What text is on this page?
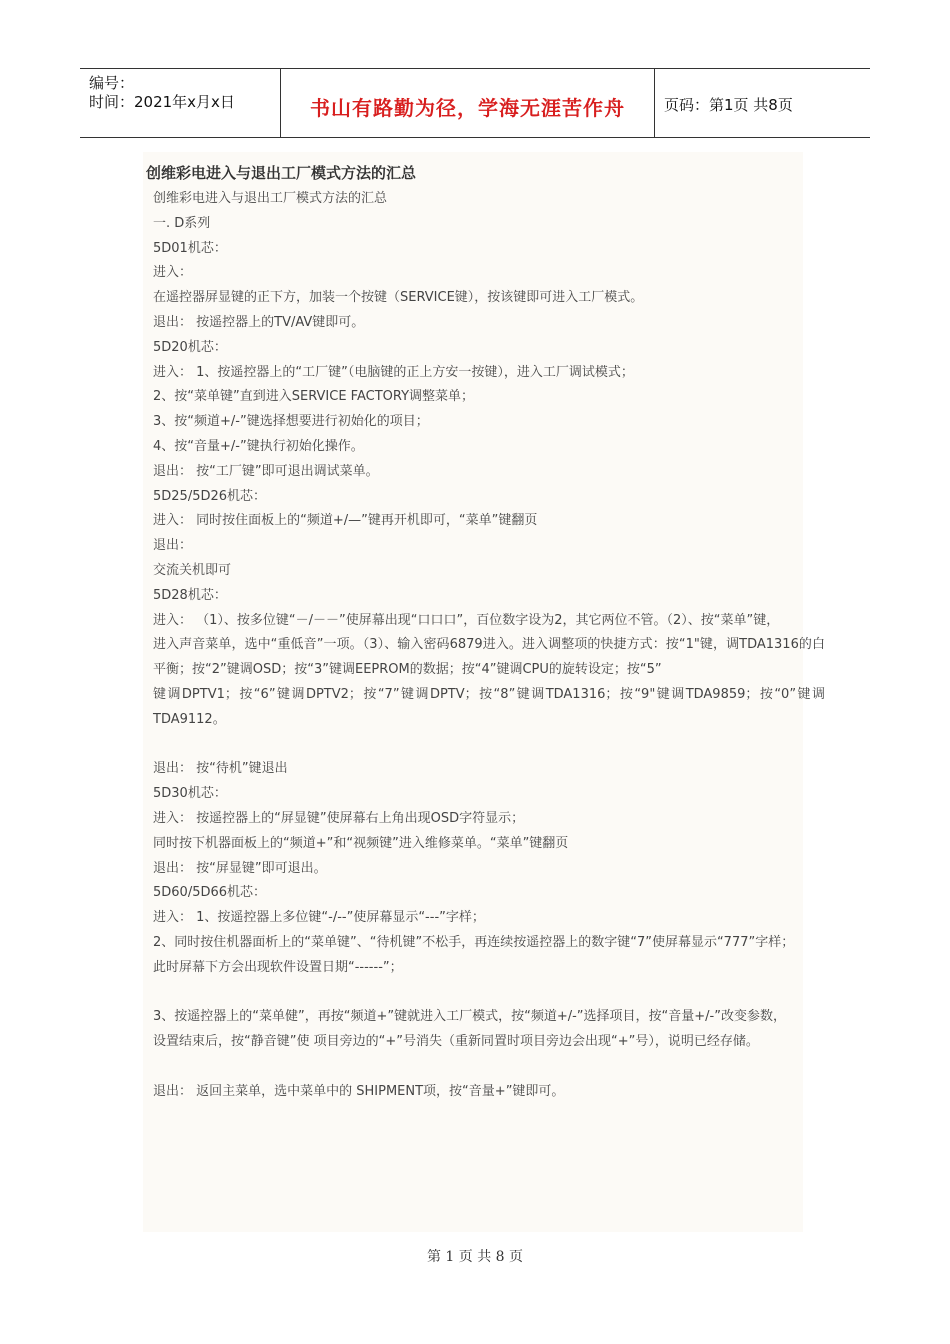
编号：
时间：2021年x月x日	书山有路勤为径，学海无涯苦作舟	页码：第1页 共8页
创维彩电进入与退出工厂模式方法的汇总

创维彩电进入与退出工厂模式方法的汇总

一. D系列

5D01机芯：

进入：

在遥控器屏显键的正下方，加装一个按键（SERVICE键），按该键即可进入工厂模式。

退出： 按遥控器上的TV/AV键即可。

5D20机芯：

进入： 1、按遥控器上的“工厂键”（电脑键的正上方安一按键），进入工厂调试模式；

2、按“菜单键”直到进入SERVICE FACTORY调整菜单；

3、按“频道+/-”键选择想要进行初始化的项目；

4、按“音量+/-”键执行初始化操作。

退出： 按“工厂键”即可退出调试菜单。

5D25/5D26机芯：

进入： 同时按住面板上的“频道+/—”键再开机即可，“菜单”键翻页

退出：

交流关机即可

5D28机芯：

进入： （1）、按多位键“－/－－”使屏幕出现“口口口”，百位数字设为2，其它两位不管。（2）、按“菜单”键，

进入声音菜单，选中“重低音”一项。（3）、输入密码6879进入。进入调整项的快捷方式：按“1"键，调TDA1316的白平衡；按“2”键调OSD；按“3”键调EEPROM的数据；按“4”键调CPU的旋转设定；按“5”

键调DPTV1；按“6”键调DPTV2；按“7”键调DPTV；按“8”键调TDA1316；按“9"键调TDA9859；按“0”键调TDA9112。

退出： 按“待机”键退出

5D30机芯：

进入： 按遥控器上的“屏显键”使屏幕右上角出现OSD字符显示；

同时按下机器面板上的“频道+”和“视频键”进入维修菜单。“菜单”键翻页

退出： 按“屏显键”即可退出。

5D60/5D66机芯：

进入： 1、按遥控器上多位键“-/--”使屏幕显示“---”字样；

2、同时按住机器面析上的“菜单键”、“待机键”不松手，再连续按遥控器上的数字键“7”使屏幕显示“777”字样；

此时屏幕下方会出现软件设置日期“------”；

3、按遥控器上的“菜单健”，再按“频道+”键就进入工厂模式，按“频道+/-”选择项目，按“音量+/-”改变参数，

设置结束后，按“静音键”使 项目旁边的“+”号消失（重新同置时项目旁边会出现“+”号），说明已经存储。

退出： 返回主菜单，选中菜单中的 SHIPMENT项，按“音量+”键即可。

第 1 页 共 8 页
